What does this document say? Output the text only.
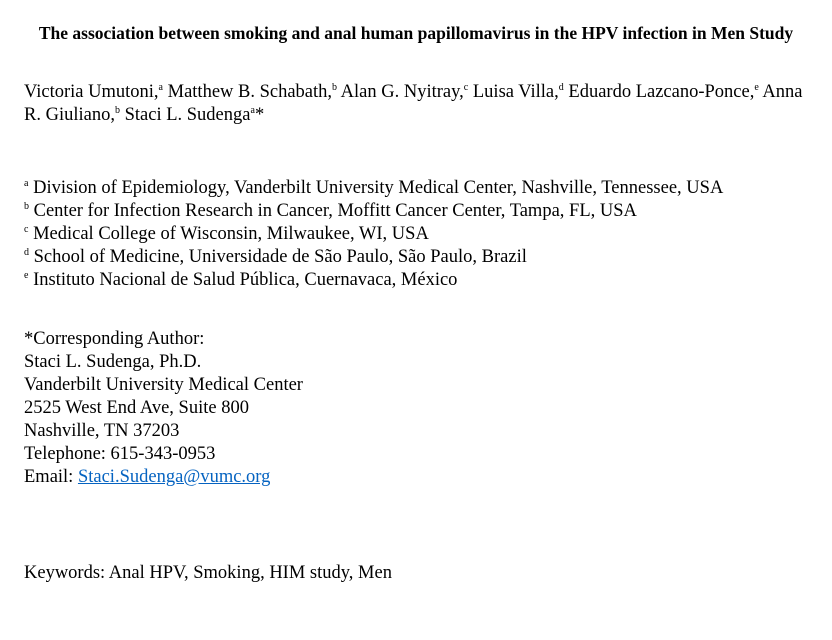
The association between smoking and anal human papillomavirus in the HPV infection in Men Study
Victoria Umutoni,$^a$ Matthew B. Schabath,$^b$ Alan G. Nyitray,$^c$ Luisa Villa,$^d$ Eduardo Lazcano-Ponce,$^e$ Anna R. Giuliano,$^b$ Staci L. Sudenga$^a$*
$^a$ Division of Epidemiology, Vanderbilt University Medical Center, Nashville, Tennessee, USA
$^b$ Center for Infection Research in Cancer, Moffitt Cancer Center, Tampa, FL, USA
$^c$ Medical College of Wisconsin, Milwaukee, WI, USA
$^d$ School of Medicine, Universidade de São Paulo, São Paulo, Brazil
$^e$ Instituto Nacional de Salud Pública, Cuernavaca, México
*Corresponding Author:
Staci L. Sudenga, Ph.D.
Vanderbilt University Medical Center
2525 West End Ave, Suite 800
Nashville, TN 37203
Telephone: 615-343-0953
Email: Staci.Sudenga@vumc.org
Keywords: Anal HPV, Smoking, HIM study, Men
